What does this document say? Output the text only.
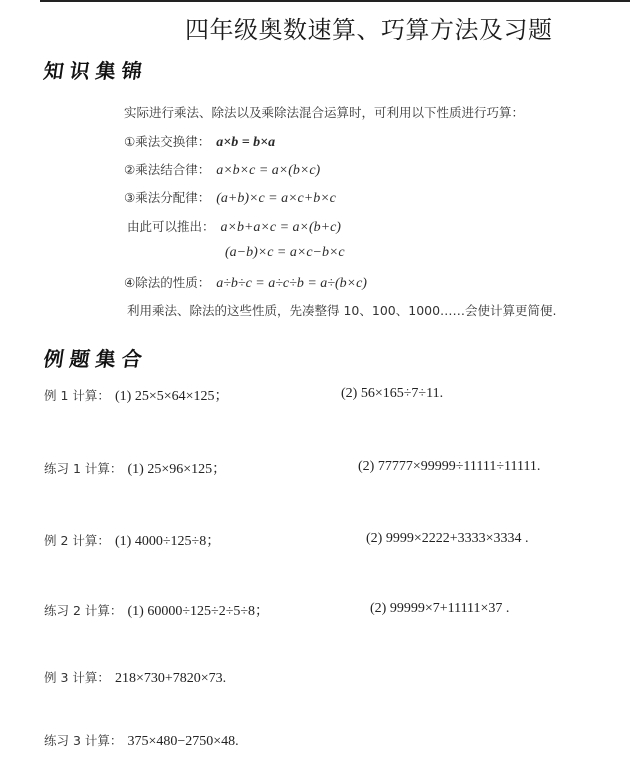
四年级奥数速算、巧算方法及习题
知识集锦
实际进行乘法、除法以及乘除法混合运算时，可利用以下性质进行巧算：
①乘法交换律： a×b = b×a
②乘法结合律： a×b×c = a×(b×c)
③乘法分配律： (a+b)×c = a×c+b×c
由此可以推出： a×b+a×c = a×(b+c)
(a−b)×c = a×c−b×c
④除法的性质： a÷b÷c = a÷c÷b = a÷(b×c)
利用乘法、除法的这些性质，先凑整得 10、100、1000……会使计算更简便.
例题集合
例 1 计算： (1) 25×5×64×125；	(2) 56×165÷7÷11.
练习 1 计算： (1) 25×96×125；	(2) 77777×99999÷11111÷11111.
例 2 计算： (1) 4000÷125÷8；	(2) 9999×2222+3333×3334 .
练习 2 计算： (1) 60000÷125÷2÷5÷8；	(2) 99999×7+11111×37 .
例 3 计算： 218×730+7820×73.
练习 3 计算： 375×480−2750×48.
